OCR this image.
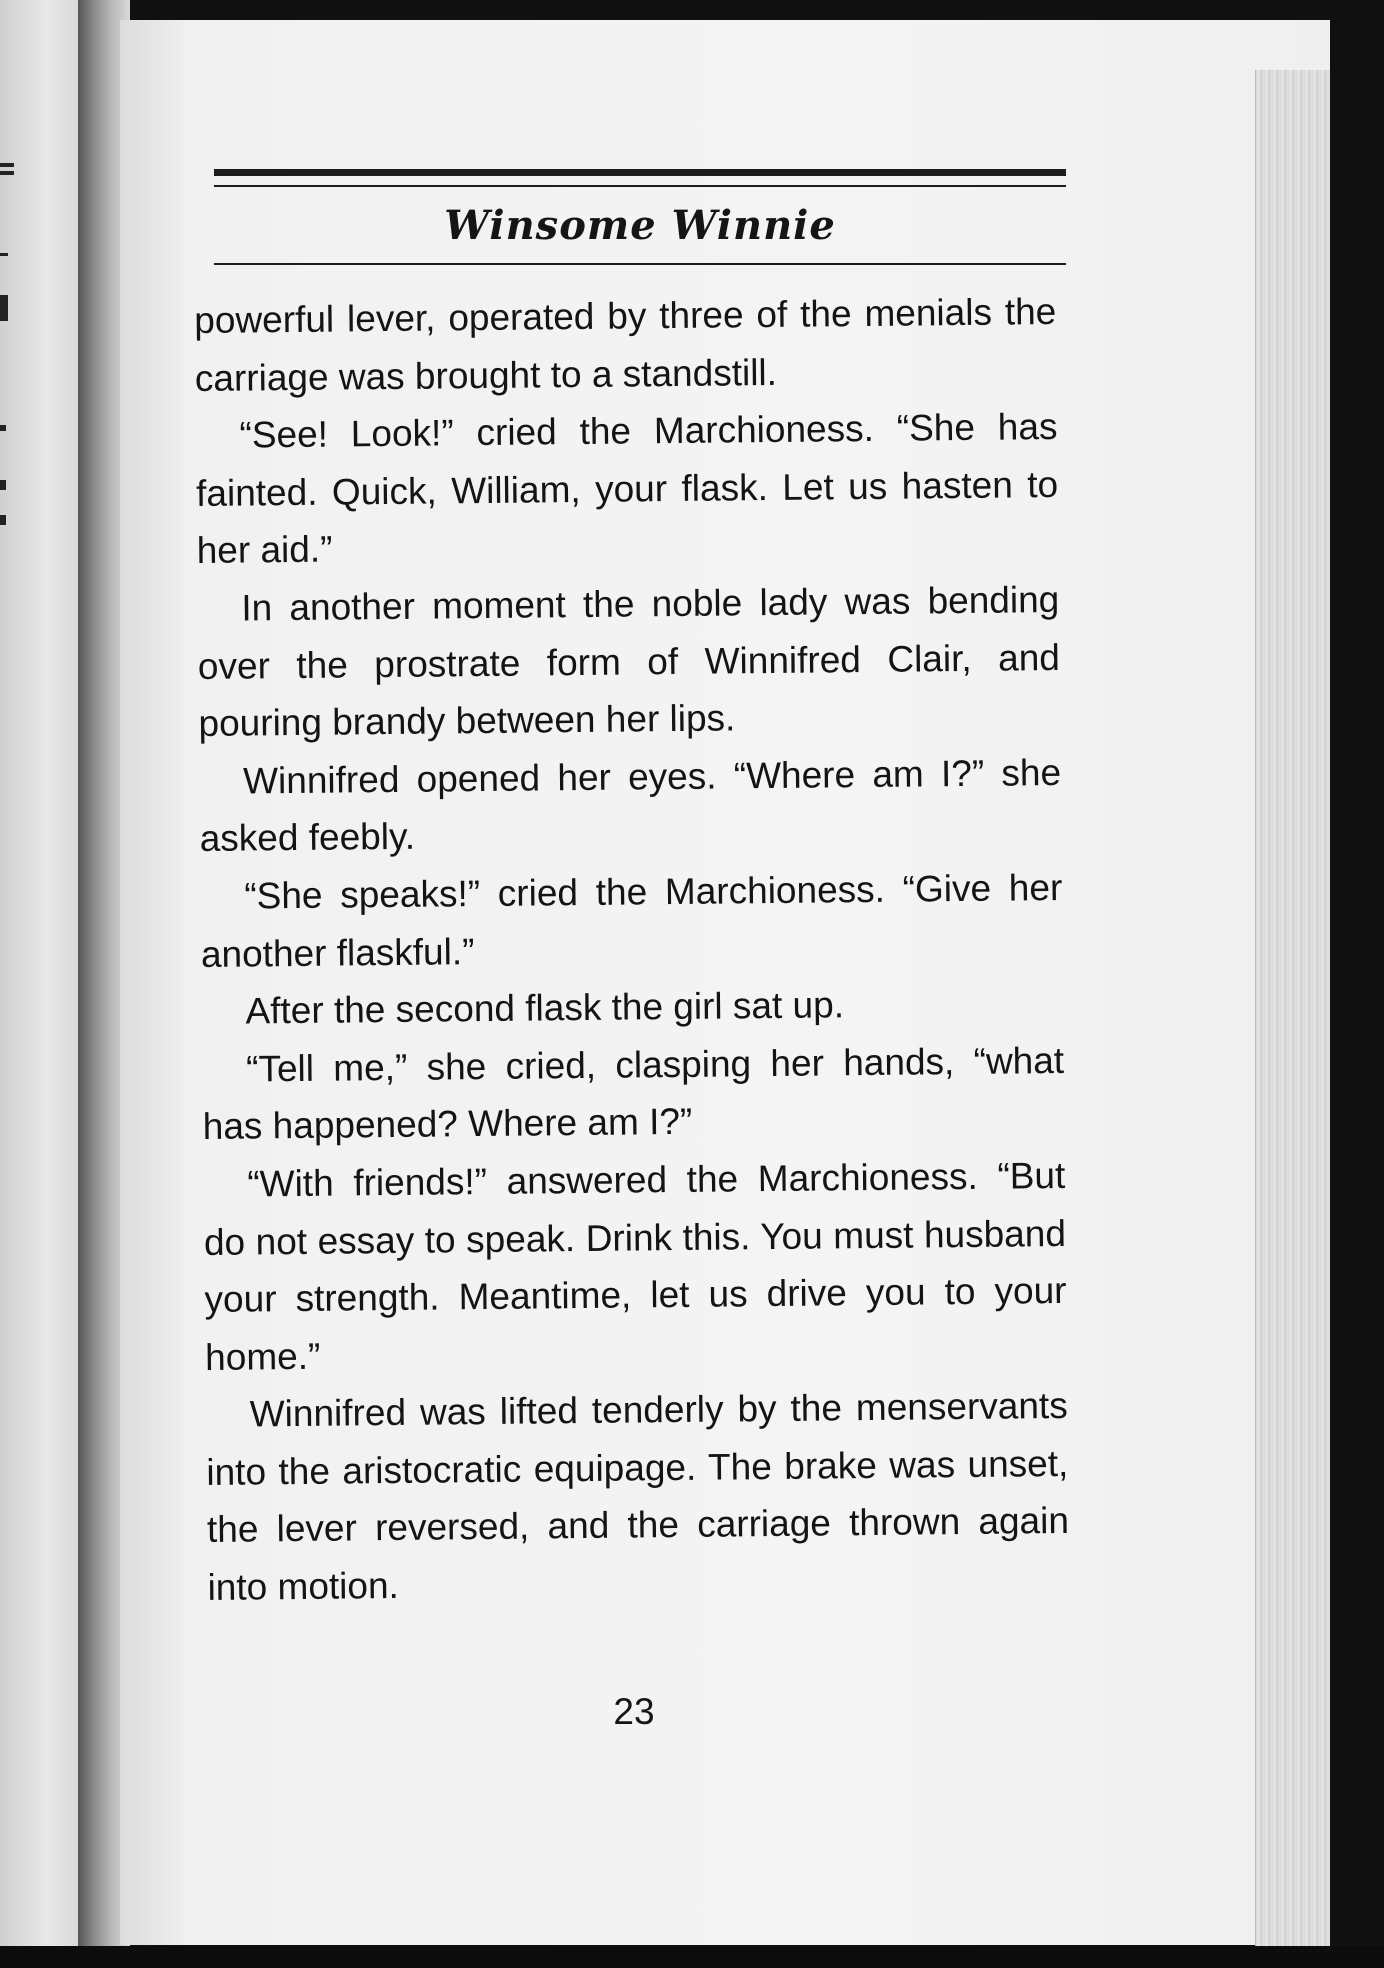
Winsome Winnie

powerful lever, operated by three of the menials the carriage was brought to a standstill.

“See! Look!” cried the Marchioness. “She has fainted. Quick, William, your flask. Let us hasten to her aid.”

In another moment the noble lady was bending over the prostrate form of Winnifred Clair, and pouring brandy between her lips.

Winnifred opened her eyes. “Where am I?” she asked feebly.

“She speaks!” cried the Marchioness. “Give her another flaskful.”

After the second flask the girl sat up.

“Tell me,” she cried, clasping her hands, “what has happened? Where am I?”

“With friends!” answered the Marchioness. “But do not essay to speak. Drink this. You must husband your strength. Meantime, let us drive you to your home.”

Winnifred was lifted tenderly by the menservants into the aristocratic equipage. The brake was unset, the lever reversed, and the carriage thrown again into motion.

23
